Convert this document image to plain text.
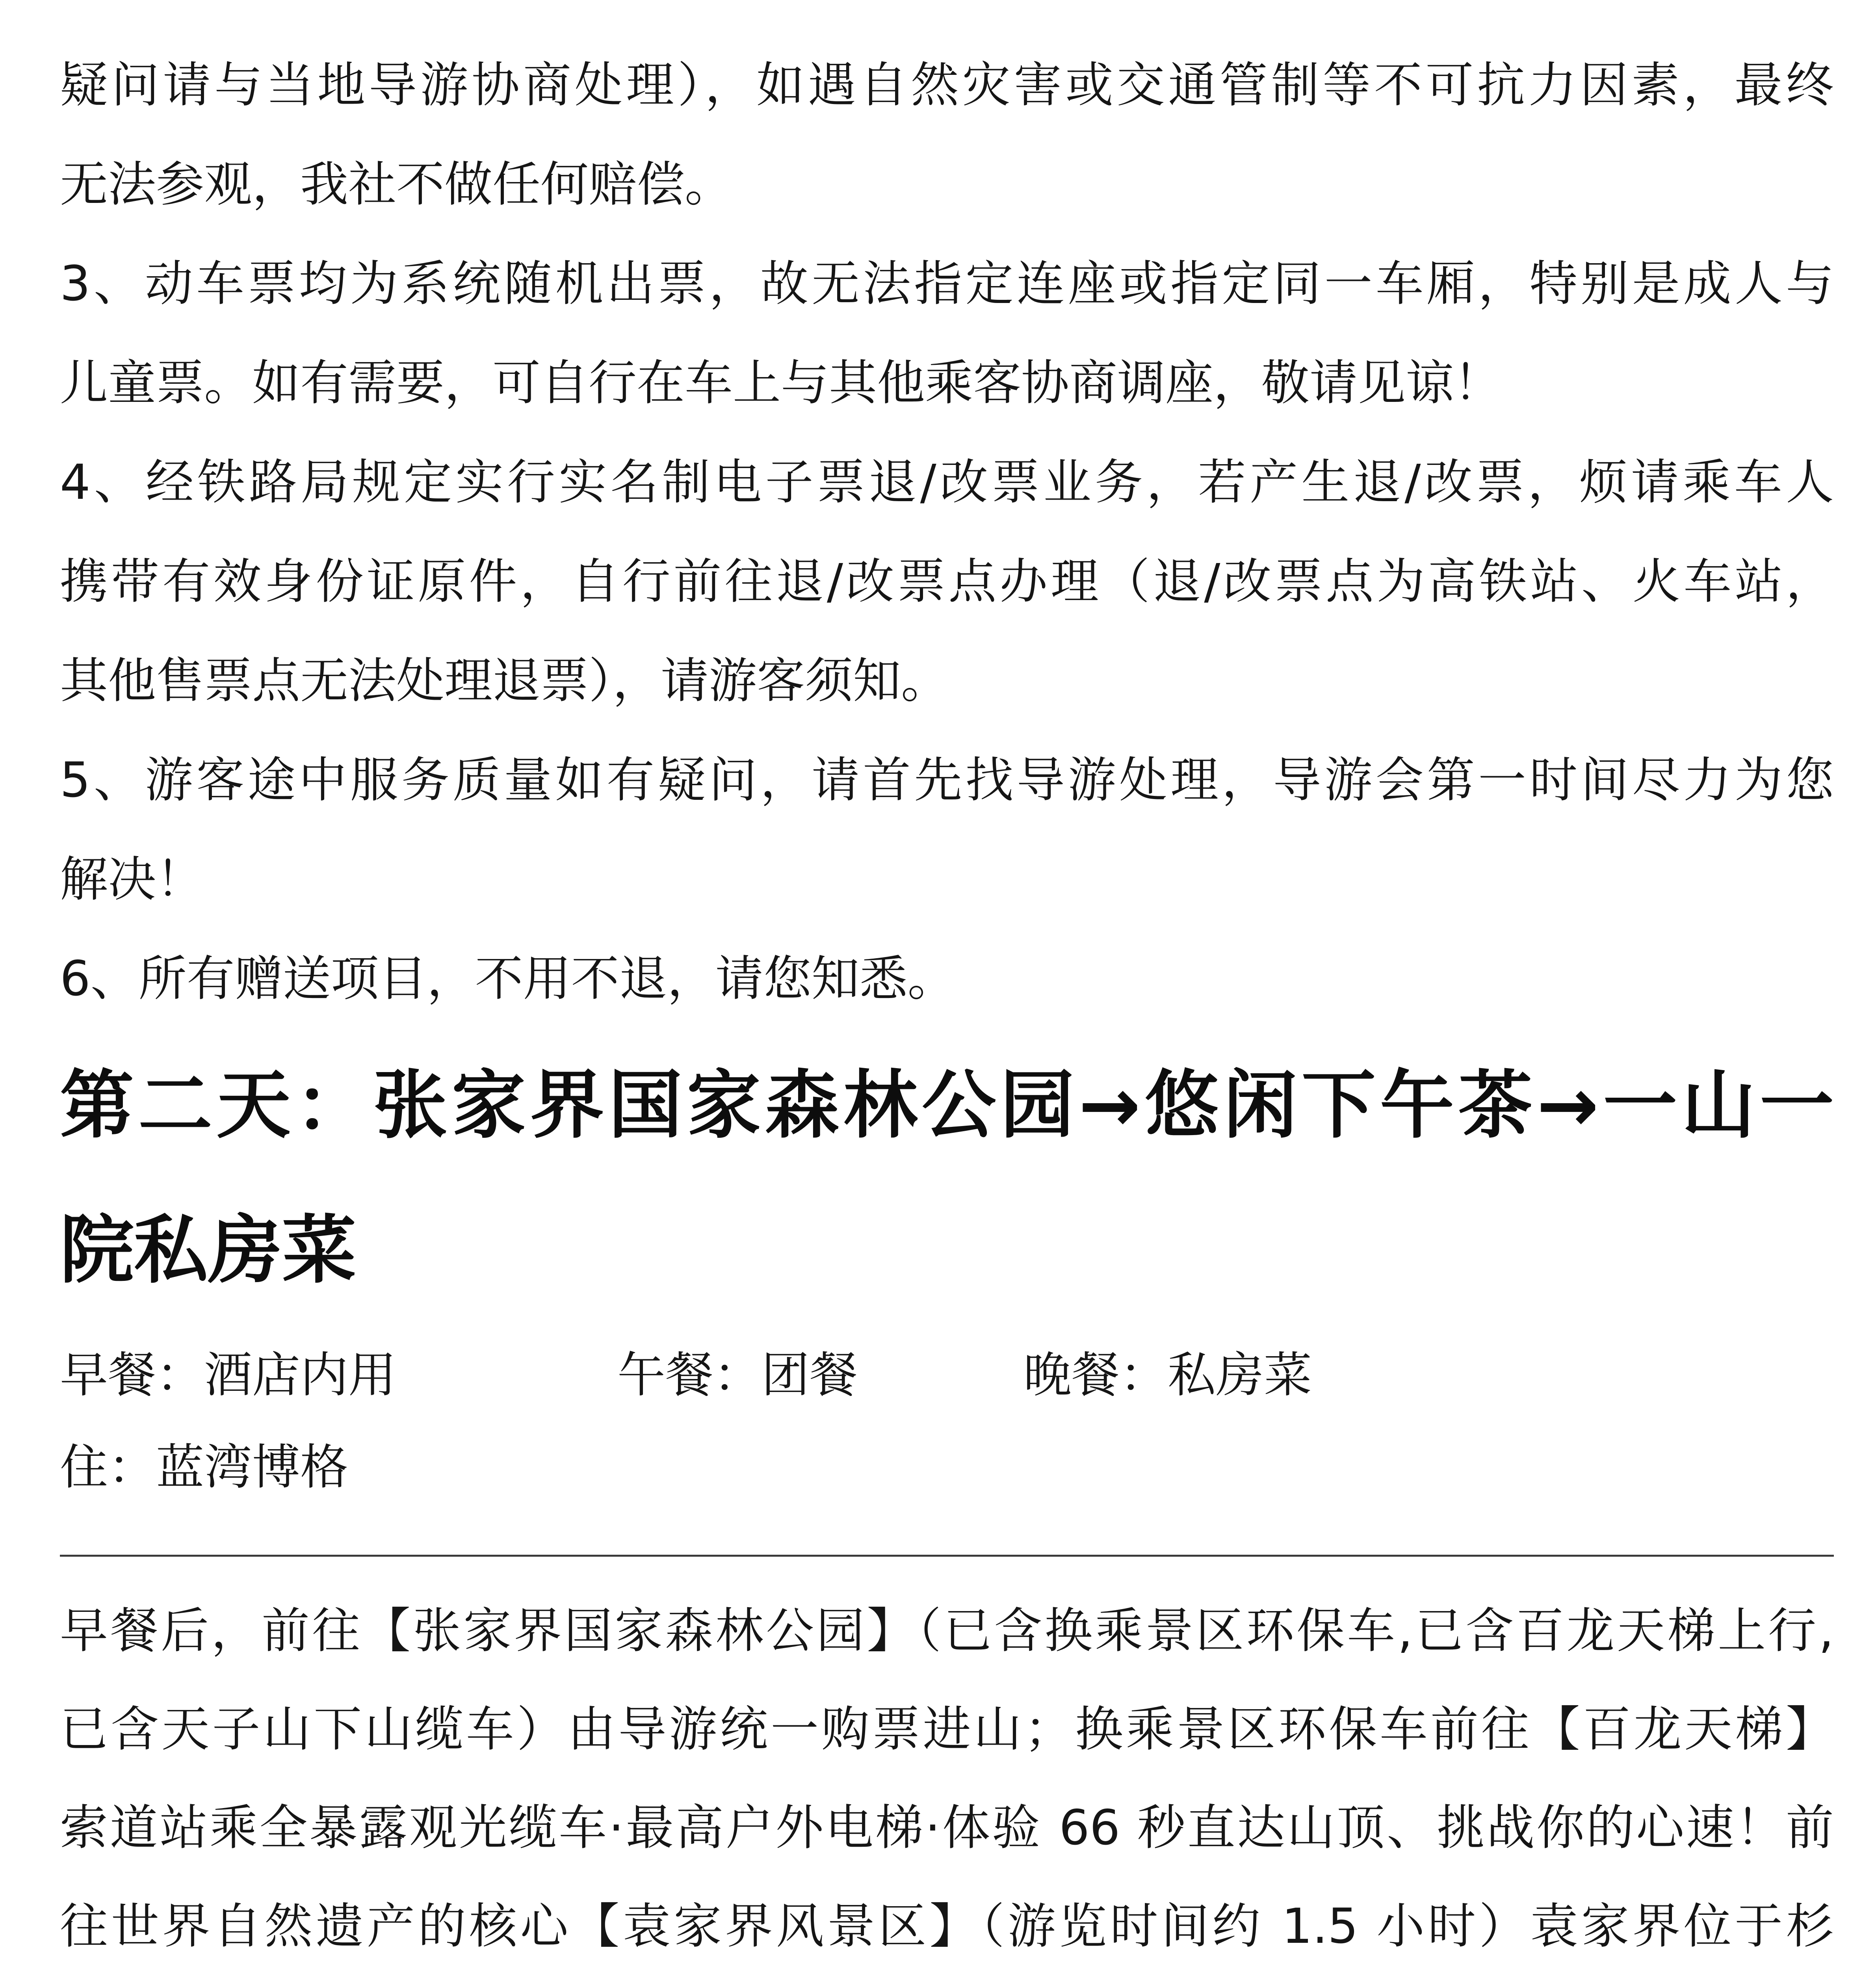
疑问请与当地导游协商处理），如遇自然灾害或交通管制等不可抗力因素，最终
无法参观，我社不做任何赔偿。
3、动车票均为系统随机出票，故无法指定连座或指定同一车厢，特别是成人与
儿童票。如有需要，可自行在车上与其他乘客协商调座，敬请见谅！
4、经铁路局规定实行实名制电子票退/改票业务，若产生退/改票，烦请乘车人
携带有效身份证原件，自行前往退/改票点办理（退/改票点为高铁站、火车站，
其他售票点无法处理退票），请游客须知。
5、游客途中服务质量如有疑问，请首先找导游处理，导游会第一时间尽力为您
解决！
6、所有赠送项目，不用不退，请您知悉。
第二天：张家界国家森林公园→悠闲下午茶→一山一
院私房菜
早餐：酒店内用	午餐：团餐	晚餐：私房菜
住：蓝湾博格
早餐后，前往【张家界国家森林公园】（已含换乘景区环保车,已含百龙天梯上行,
已含天子山下山缆车）由导游统一购票进山；换乘景区环保车前往【百龙天梯】
索道站乘全暴露观光缆车·最高户外电梯·体验 66 秒直达山顶、挑战你的心速！前
往世界自然遗产的核心【袁家界风景区】（游览时间约 1.5 小时）袁家界位于杉
